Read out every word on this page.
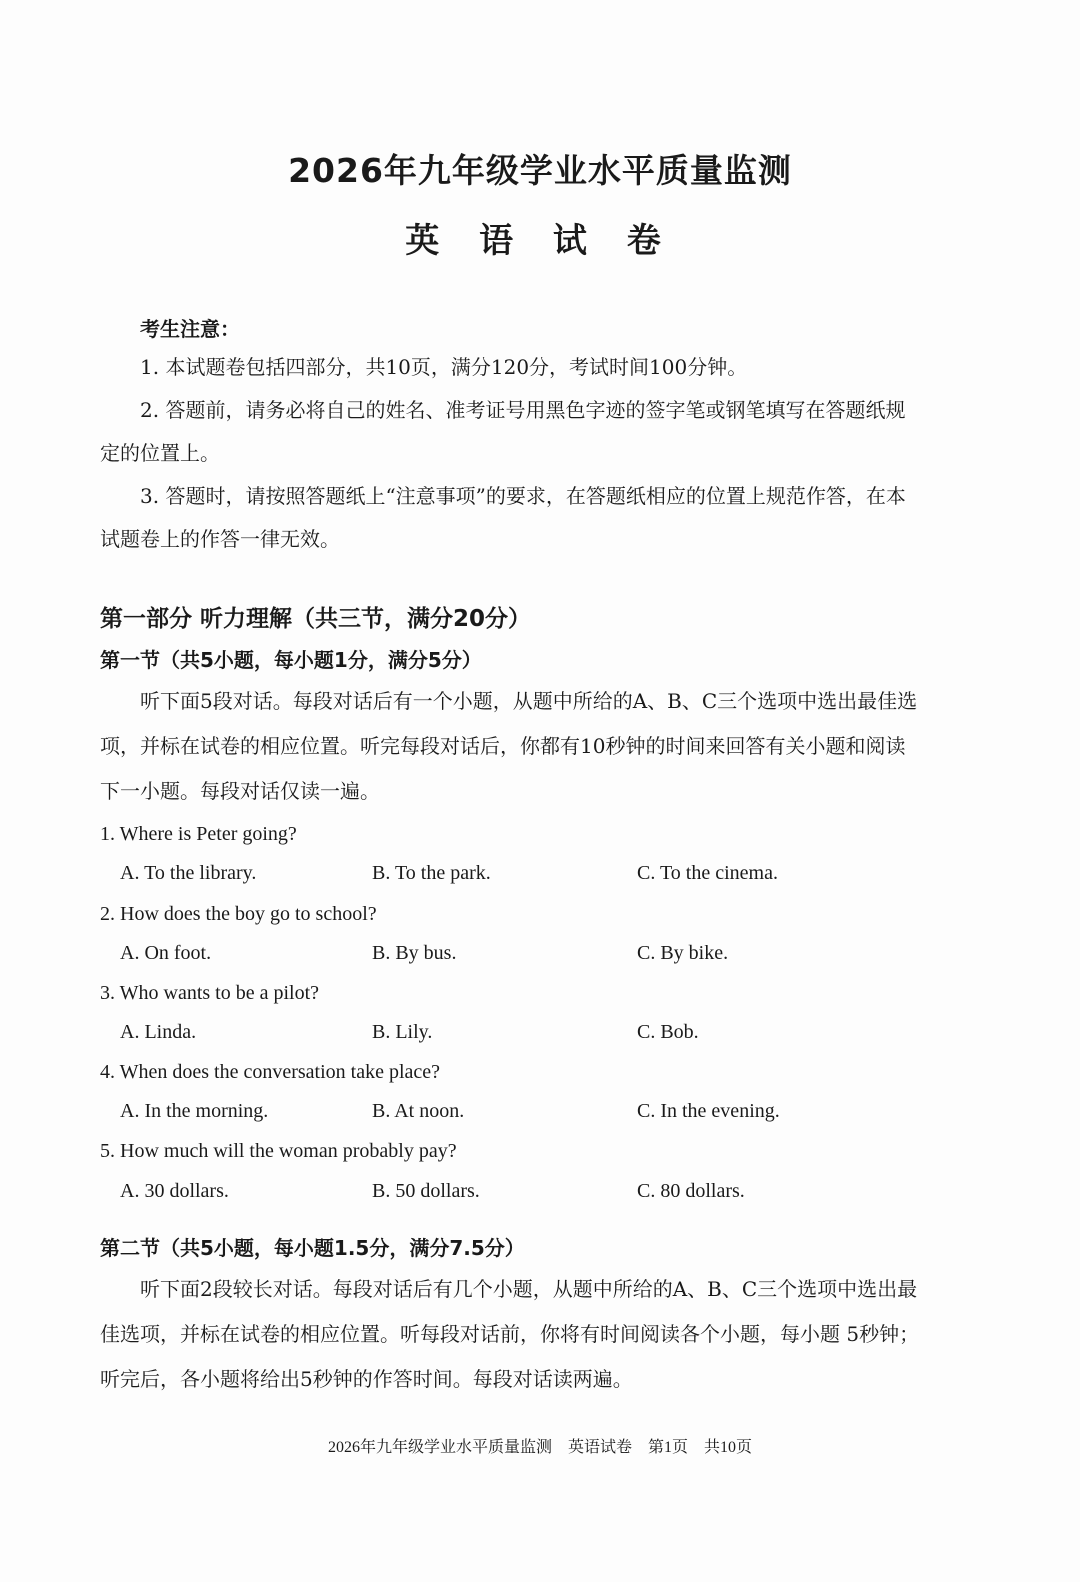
2026年九年级学业水平质量监测
英 语 试 卷
考生注意：
1. 本试题卷包括四部分，共10页，满分120分，考试时间100分钟。
2. 答题前，请务必将自己的姓名、准考证号用黑色字迹的签字笔或钢笔填写在答题纸规定的位置上。
3. 答题时，请按照答题纸上“注意事项”的要求，在答题纸相应的位置上规范作答，在本试题卷上的作答一律无效。
第一部分 听力理解（共三节，满分20分）
第一节（共5小题，每小题1分，满分5分）
听下面5段对话。每段对话后有一个小题，从题中所给的A、B、C三个选项中选出最佳选项，并标在试卷的相应位置。听完每段对话后，你都有10秒钟的时间来回答有关小题和阅读下一小题。每段对话仅读一遍。
1. Where is Peter going?
A. To the library.	B. To the park.	C. To the cinema.
2. How does the boy go to school?
A. On foot.	B. By bus.	C. By bike.
3. Who wants to be a pilot?
A. Linda.	B. Lily.	C. Bob.
4. When does the conversation take place?
A. In the morning.	B. At noon.	C. In the evening.
5. How much will the woman probably pay?
A. 30 dollars.	B. 50 dollars.	C. 80 dollars.
第二节（共5小题，每小题1.5分，满分7.5分）
听下面2段较长对话。每段对话后有几个小题，从题中所给的A、B、C三个选项中选出最佳选项，并标在试卷的相应位置。听每段对话前，你将有时间阅读各个小题，每小题 5秒钟；听完后，各小题将给出5秒钟的作答时间。每段对话读两遍。
2026年九年级学业水平质量监测 英语试卷 第1页 共10页
